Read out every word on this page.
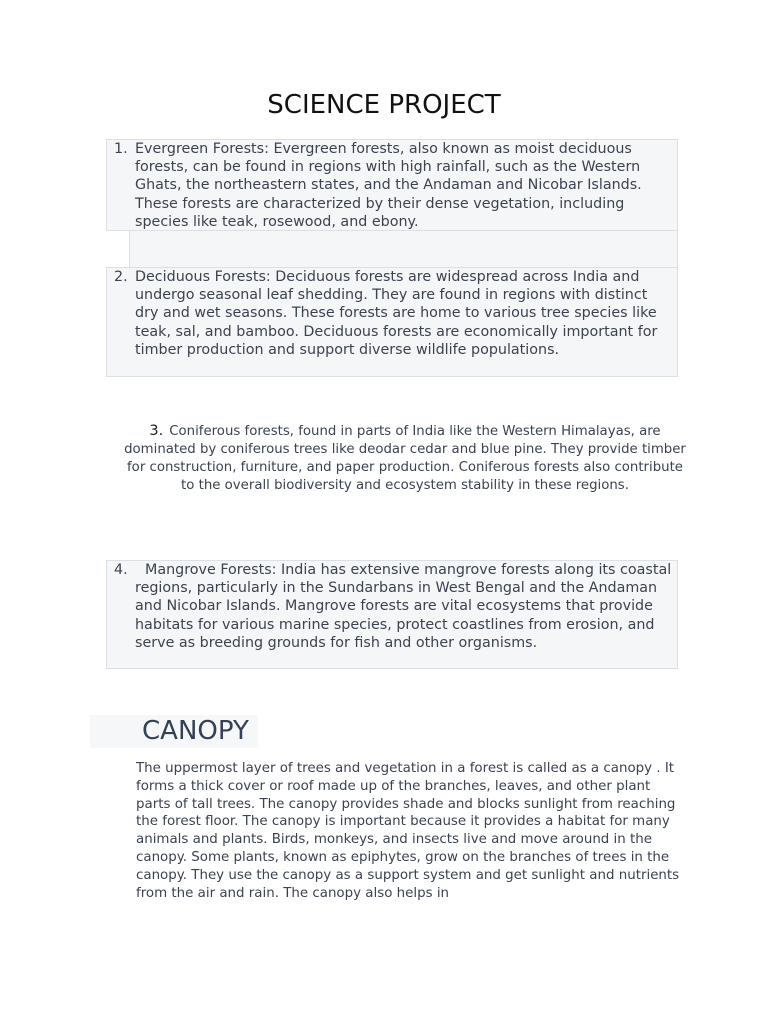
SCIENCE PROJECT
1. Evergreen Forests: Evergreen forests, also known as moist deciduous forests, can be found in regions with high rainfall, such as the Western Ghats, the northeastern states, and the Andaman and Nicobar Islands. These forests are characterized by their dense vegetation, including species like teak, rosewood, and ebony.
2. Deciduous Forests: Deciduous forests are widespread across India and undergo seasonal leaf shedding. They are found in regions with distinct dry and wet seasons. These forests are home to various tree species like teak, sal, and bamboo. Deciduous forests are economically important for timber production and support diverse wildlife populations.
3. Coniferous forests, found in parts of India like the Western Himalayas, are dominated by coniferous trees like deodar cedar and blue pine. They provide timber for construction, furniture, and paper production. Coniferous forests also contribute to the overall biodiversity and ecosystem stability in these regions.
4.	Mangrove Forests: India has extensive mangrove forests along its coastal regions, particularly in the Sundarbans in West Bengal and the Andaman and Nicobar Islands. Mangrove forests are vital ecosystems that provide habitats for various marine species, protect coastlines from erosion, and serve as breeding grounds for fish and other organisms.
CANOPY

The uppermost layer of trees and vegetation in a forest is called as a canopy . It forms a thick cover or roof made up of the branches, leaves, and other plant parts of tall trees. The canopy provides shade and blocks sunlight from reaching the forest floor. The canopy is important because it provides a habitat for many animals and plants. Birds, monkeys, and insects live and move around in the canopy. Some plants, known as epiphytes, grow on the branches of trees in the canopy. They use the canopy as a support system and get sunlight and nutrients from the air and rain. The canopy also helps in
